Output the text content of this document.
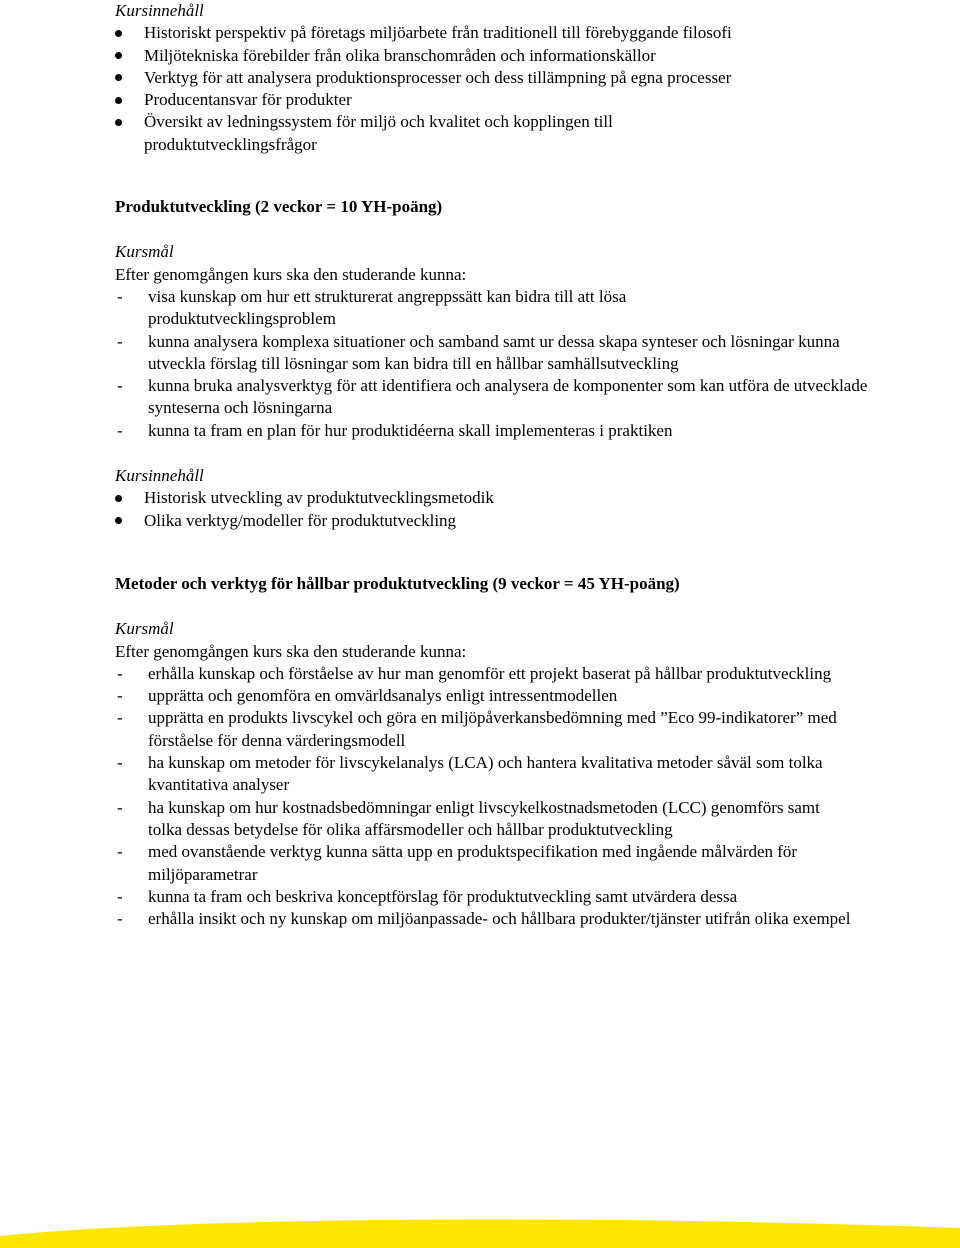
Kursinnehåll
Historiskt perspektiv på företags miljöarbete från traditionell till förebyggande filosofi
Miljötekniska förebilder från olika branschområden och informationskällor
Verktyg för att analysera produktionsprocesser och dess tillämpning på egna processer
Producentansvar för produkter
Översikt av ledningssystem för miljö och kvalitet och kopplingen till produktutvecklingsfrågor
Produktutveckling (2 veckor = 10 YH-poäng)
Kursmål
Efter genomgången kurs ska den studerande kunna:
- visa kunskap om hur ett strukturerat angreppssätt kan bidra till att lösa produktutvecklingsproblem
- kunna analysera komplexa situationer och samband samt ur dessa skapa synteser och lösningar kunna utveckla förslag till lösningar som kan bidra till en hållbar samhällsutveckling
- kunna bruka analysverktyg för att identifiera och analysera de komponenter som kan utföra de utvecklade synteserna och lösningarna
- kunna ta fram en plan för hur produktidéerna skall implementeras i praktiken
Kursinnehåll
Historisk utveckling av produktutvecklingsmetodik
Olika verktyg/modeller för produktutveckling
Metoder och verktyg för hållbar produktutveckling (9 veckor = 45 YH-poäng)
Kursmål
Efter genomgången kurs ska den studerande kunna:
- erhålla kunskap och förståelse av hur man genomför ett projekt baserat på hållbar produktutveckling
- upprätta och genomföra en omvärldsanalys enligt intressentmodellen
- upprätta en produkts livscykel och göra en miljöpåverkansbedömning med ”Eco 99-indikatorer” med förståelse för denna värderingsmodell
- ha kunskap om metoder för livscykelanalys (LCA) och hantera kvalitativa metoder såväl som tolka kvantitativa analyser
- ha kunskap om hur kostnadsbedömningar enligt livscykelkostnadsmetoden (LCC) genomförs samt tolka dessas betydelse för olika affärsmodeller och hållbar produktutveckling
- med ovanstående verktyg kunna sätta upp en produktspecifikation med ingående målvärden för miljöparametrar
- kunna ta fram och beskriva konceptförslag för produktutveckling samt utvärdera dessa
- erhålla insikt och ny kunskap om miljöanpassade- och hållbara produkter/tjänster utifrån olika exempel
